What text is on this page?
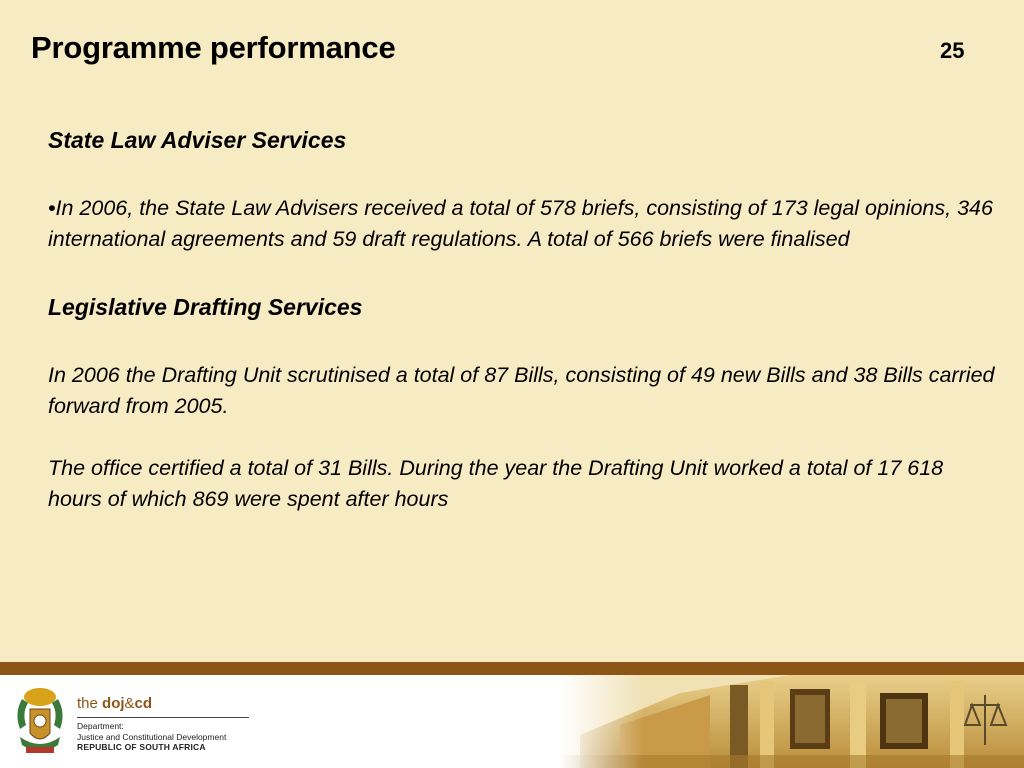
Programme performance	25
State Law Adviser Services
•In 2006, the State Law Advisers received a total of 578 briefs, consisting of 173 legal opinions, 346 international agreements and 59 draft regulations. A total of 566 briefs were finalised
Legislative Drafting Services
In 2006 the Drafting Unit scrutinised a total of 87 Bills, consisting of 49 new Bills and 38 Bills carried forward from 2005.
The office certified a total of 31 Bills. During the year the Drafting Unit worked a total of 17 618 hours of which 869 were spent after hours
the doj&cd
Department:
Justice and Constitutional Development
REPUBLIC OF SOUTH AFRICA
